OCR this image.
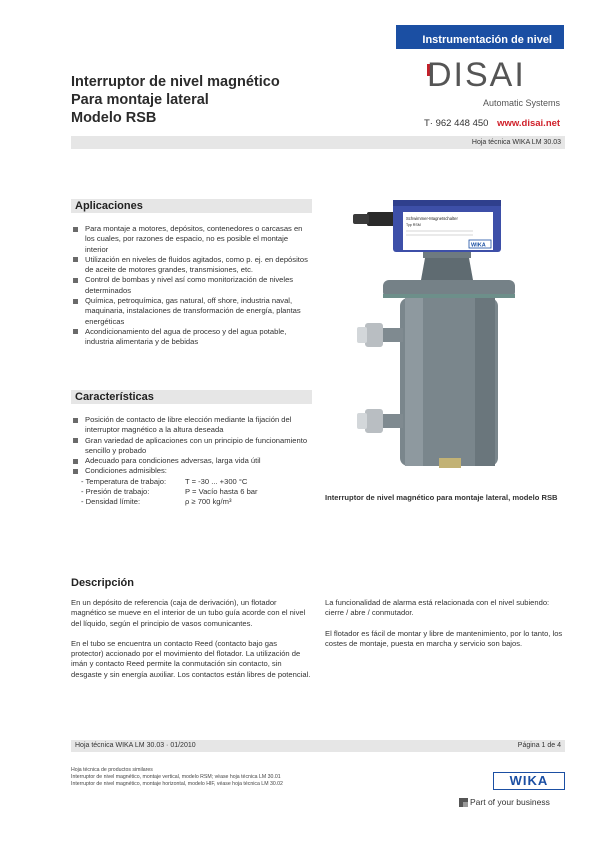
Instrumentación de nivel
Interruptor de nivel magnético
Para montaje lateral
Modelo RSB
DISAI
Automatic Systems
T· 962 448 450 www.disai.net
Hoja técnica WIKA LM 30.03
Aplicaciones
Para montaje a motores, depósitos, contenedores o carcasas en los cuales, por razones de espacio, no es posible el montaje interior
Utilización en niveles de fluidos agitados, como p. ej. en depósitos de aceite de motores grandes, transmisiones, etc.
Control de bombas y nivel así como monitorización de niveles determinados
Química, petroquímica, gas natural, off shore, industria naval, maquinaria, instalaciones de transformación de energía, plantas energéticas
Acondicionamiento del agua de proceso y del agua potable, industria alimentaria y de bebidas
Características
Posición de contacto de libre elección mediante la fijación del interruptor magnético a la altura deseada
Gran variedad de aplicaciones con un principio de funcionamiento sencillo y probado
Adecuado para condiciones adversas, larga vida útil
Condiciones admisibles:
- Temperatura de trabajo:	T = -30 ... +300 °C
- Presión de trabajo:	P = Vacío hasta 6 bar
- Densidad límite:	ρ ≥ 700 kg/m³
Schwimmer-Magnetschalter
Typ RSM
WIKA
Interruptor de nivel magnético para montaje lateral, modelo RSB
Descripción

En un depósito de referencia (caja de derivación), un flotador magnético se mueve en el interior de un tubo guía acorde con el nivel del líquido, según el principio de vasos comunicantes.

En el tubo se encuentra un contacto Reed (contacto bajo gas protector) accionado por el movimiento del flotador. La utilización de imán y contacto Reed permite la conmutación sin contacto, sin desgaste y sin energía auxiliar. Los contactos están libres de potencial.

La funcionalidad de alarma está relacionada con el nivel subiendo: cierre / abre / conmutador.

El flotador es fácil de montar y libre de mantenimiento, por lo tanto, los costes de montaje, puesta en marcha y servicio son bajos.

Hoja técnica WIKA LM 30.03 · 01/2010	Página 1 de 4
Hoja técnica de productos similares
Interruptor de nivel magnético, montaje vertical, modelo RSM; véase hoja técnica LM 30.01
Interruptor de nivel magnético, montaje horizontal, modelo HIF, véase hoja técnica LM 30.02	WIKA
Part of your business
